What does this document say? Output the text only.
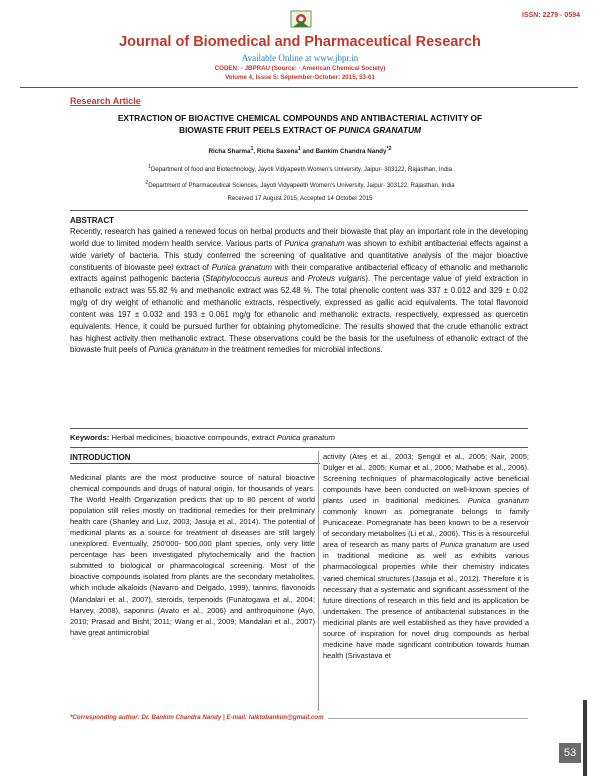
ISSN: 2279 - 0594
Journal of Biomedical and Pharmaceutical Research
Available Online at www.jbpr.in
CODEN: - JBPRAU (Source: - American Chemical Society)
Volume 4, Issue 5: September-October: 2015, 53-61
Research Article
EXTRACTION OF BIOACTIVE CHEMICAL COMPOUNDS AND ANTIBACTERIAL ACTIVITY OF
BIOWASTE FRUIT PEELS EXTRACT OF PUNICA GRANATUM
Richa Sharma$^1$, Richa Saxena$^1$ and Bankim Chandra Nandy$^{*2}$
$^1$Department of food and Biotechnology, Jayoti Vidyapeeth Women's University, Jaipur- 303122, Rajasthan, India
$^2$Department of Pharmaceutical Sciences, Jayoti Vidyapeeth Women's University, Jaipur- 303122, Rajasthan, India
Received 17 August 2015; Accepted 14 October 2015
ABSTRACT
Recently, research has gained a renewed focus on herbal products and their biowaste that play an important role in the developing world due to limited modern health service. Various parts of Punica granatum was shown to exhibit antibacterial effects against a wide variety of bacteria. This study conferred the screening of qualitative and quantitative analysis of the major bioactive constituents of biowaste peel extract of Punica granatum with their comparative antibacterial efficacy of ethanolic and methanolic extracts against pathogenic bacteria (Staphylococcus aureus and Proteus vulgaris). The percentage value of yield extraction in ethanolic extract was 55.82 % and methanolic extract was 52.48 %. The total phenolic content was 337 ± 0.012 and 329 ± 0.02 mg/g of dry weight of ethanolic and methanolic extracts, respectively, expressed as gallic acid equivalents. The total flavonoid content was 197 ± 0.032 and 193 ± 0.061 mg/g for ethanolic and methanolic extracts, respectively, expressed as quercetin equivalents. Hence, it could be pursued further for obtaining phytomedicine. The results showed that the crude ethanolic extract has highest activity then methanolic extract. These observations could be the basis for the usefulness of ethanolic extract of the biowaste fruit peels of Punica granatum in the treatment remedies for microbial infections.
Keywords: Herbal medicines, bioactive compounds, extract Punica granatum
INTRODUCTION
Medicinal plants are the most productive source of natural bioactive chemical compounds and drugs of natural origin, for thousands of years. The World Health Organization predicts that up to 80 percent of world population still relies mostly on traditional remedies for their preliminary health care (Shanley and Luz, 2003; Jasuja et al., 2014). The potential of medicinal plants as a source for treatment of diseases are still largely unexplored. Eventually, 250'000- 500,000 plant species, only very little percentage has been investigated phytochemically and the fraction submitted to biological or pharmacological screening. Most of the bioactive compounds isolated from plants are the secondary metabolites, which include alkaloids (Navarro and Delgado, 1999), tannins, flavonoids (Mandalari et al., 2007), steroids, terpenoids (Funatogawa et al., 2004; Harvey, 2008), saponins (Avato et al., 2006) and anthroquinone (Ayo, 2010; Prasad and Bisht, 2011; Wang et al., 2009; Mandalari et al., 2007) have great antimicrobial
activity (Ateş et al., 2003; Şengül et al., 2005; Nair, 2005; Dülger et al., 2005; Kumar et al., 2006; Mathabe et al., 2006). Screening techniques of pharmacologically active beneficial compounds have been conducted on well-known species of plants used in traditional medicines. Punica granatum commonly known as pomegranate belongs to family Punicaceae. Pomegranate has been known to be a reservoir of secondary metabolites (Li et al., 2006). This is a resourceful area of research as many parts of Punica granatum are used in traditional medicine as well as exhibits various pharmacological properties while their chemistry indicates varied chemical structures (Jasuja et al., 2012). Therefore it is necessary that a systematic and significant assessment of the future directions of research in this field and its application be undertaken. The presence of antibacterial substances in the medicinal plants are well established as they have provided a source of inspiration for novel drug compounds as herbal medicine have made significant contribution towards human health (Srivastava et
*Corresponding author: Dr. Bankim Chandra Nandy | E-mail: talktobankim@gmail.com
53
